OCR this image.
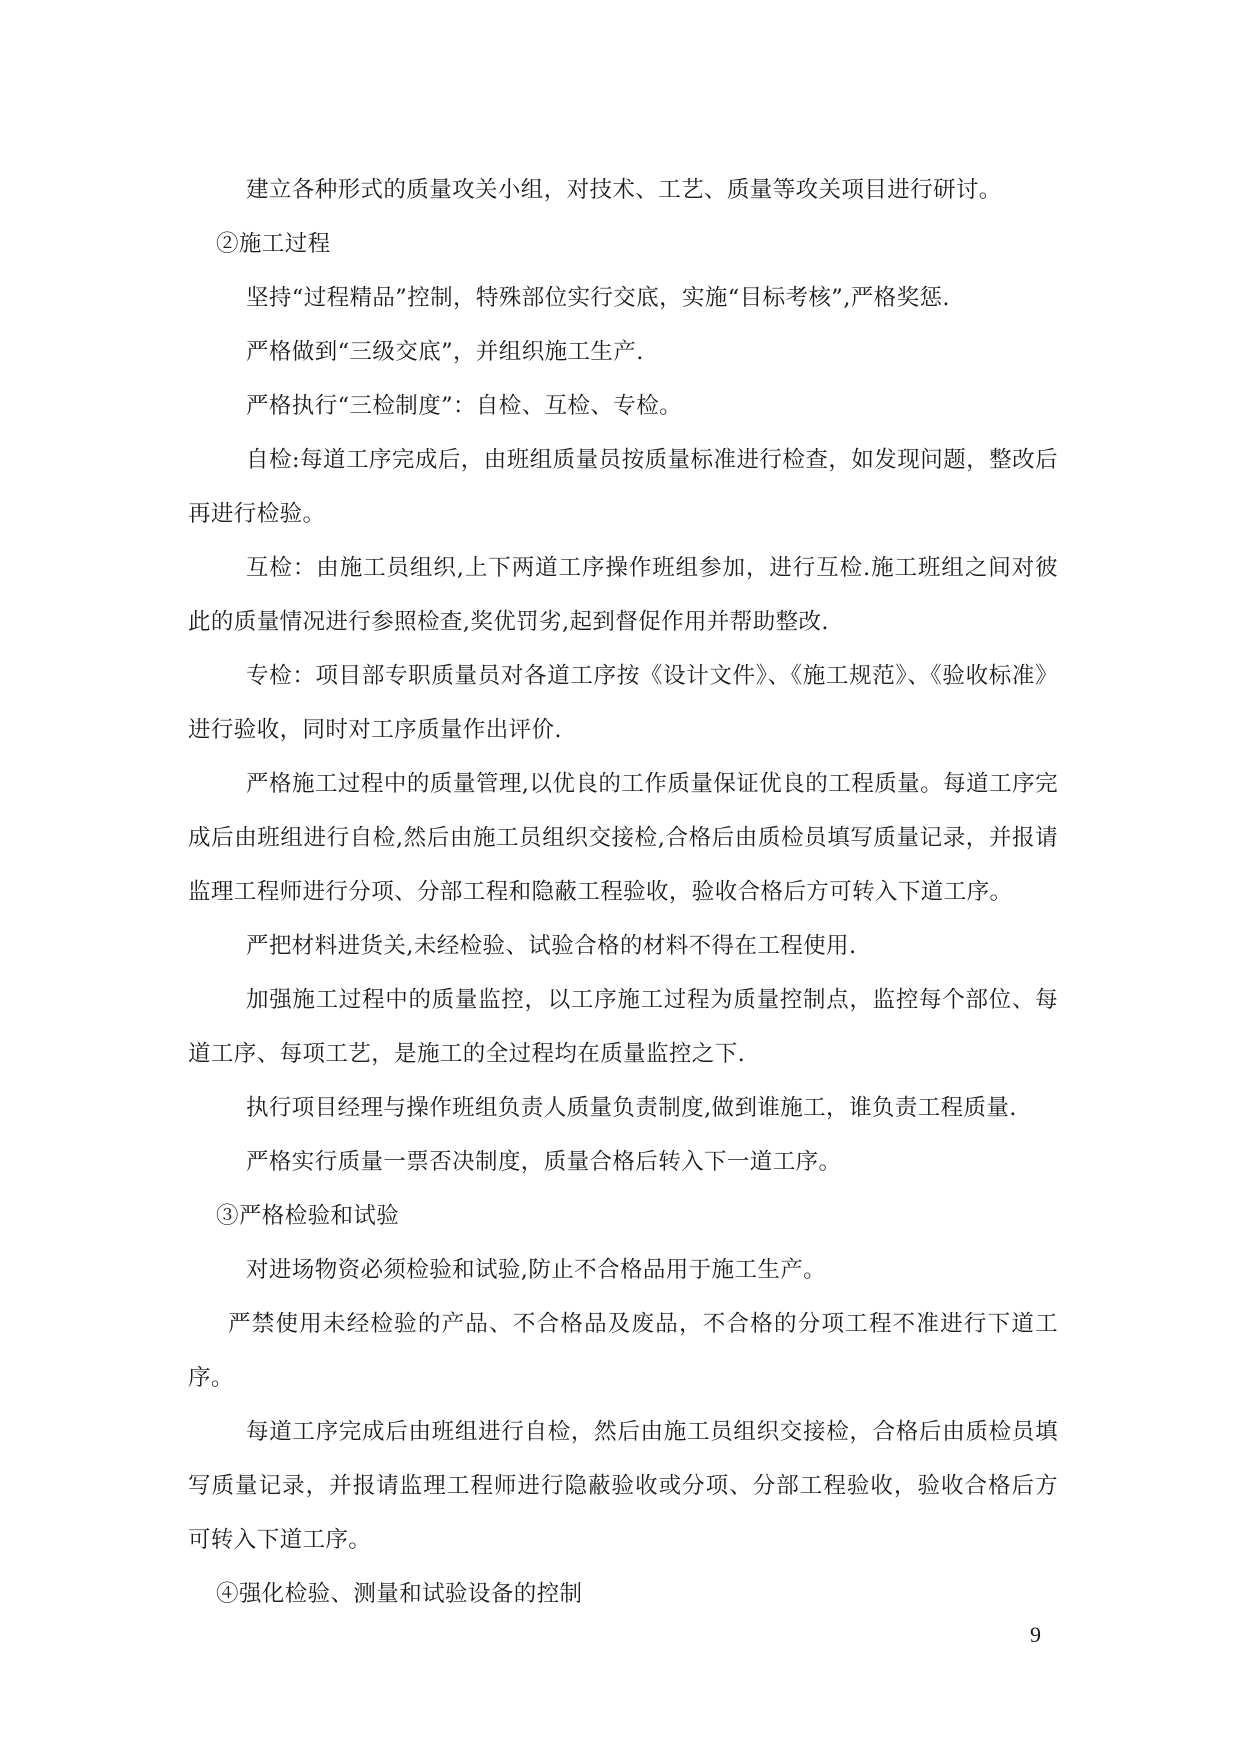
建立各种形式的质量攻关小组，对技术、工艺、质量等攻关项目进行研讨。

②施工过程

坚持“过程精品”控制，特殊部位实行交底，实施“目标考核”,严格奖惩.

严格做到“三级交底”，并组织施工生产.

严格执行“三检制度”：自检、互检、专检。

自检:每道工序完成后，由班组质量员按质量标准进行检查，如发现问题，整改后再进行检验。

互检：由施工员组织,上下两道工序操作班组参加，进行互检.施工班组之间对彼此的质量情况进行参照检查,奖优罚劣,起到督促作用并帮助整改.

专检：项目部专职质量员对各道工序按《设计文件》、《施工规范》、《验收标准》进行验收，同时对工序质量作出评价.

严格施工过程中的质量管理,以优良的工作质量保证优良的工程质量。每道工序完成后由班组进行自检,然后由施工员组织交接检,合格后由质检员填写质量记录，并报请监理工程师进行分项、分部工程和隐蔽工程验收，验收合格后方可转入下道工序。

严把材料进货关,未经检验、试验合格的材料不得在工程使用.

加强施工过程中的质量监控，以工序施工过程为质量控制点，监控每个部位、每道工序、每项工艺，是施工的全过程均在质量监控之下.

执行项目经理与操作班组负责人质量负责制度,做到谁施工，谁负责工程质量.

严格实行质量一票否决制度，质量合格后转入下一道工序。

③严格检验和试验

对进场物资必须检验和试验,防止不合格品用于施工生产。

严禁使用未经检验的产品、不合格品及废品，不合格的分项工程不准进行下道工序。

每道工序完成后由班组进行自检，然后由施工员组织交接检，合格后由质检员填写质量记录，并报请监理工程师进行隐蔽验收或分项、分部工程验收，验收合格后方可转入下道工序。

④强化检验、测量和试验设备的控制

9
